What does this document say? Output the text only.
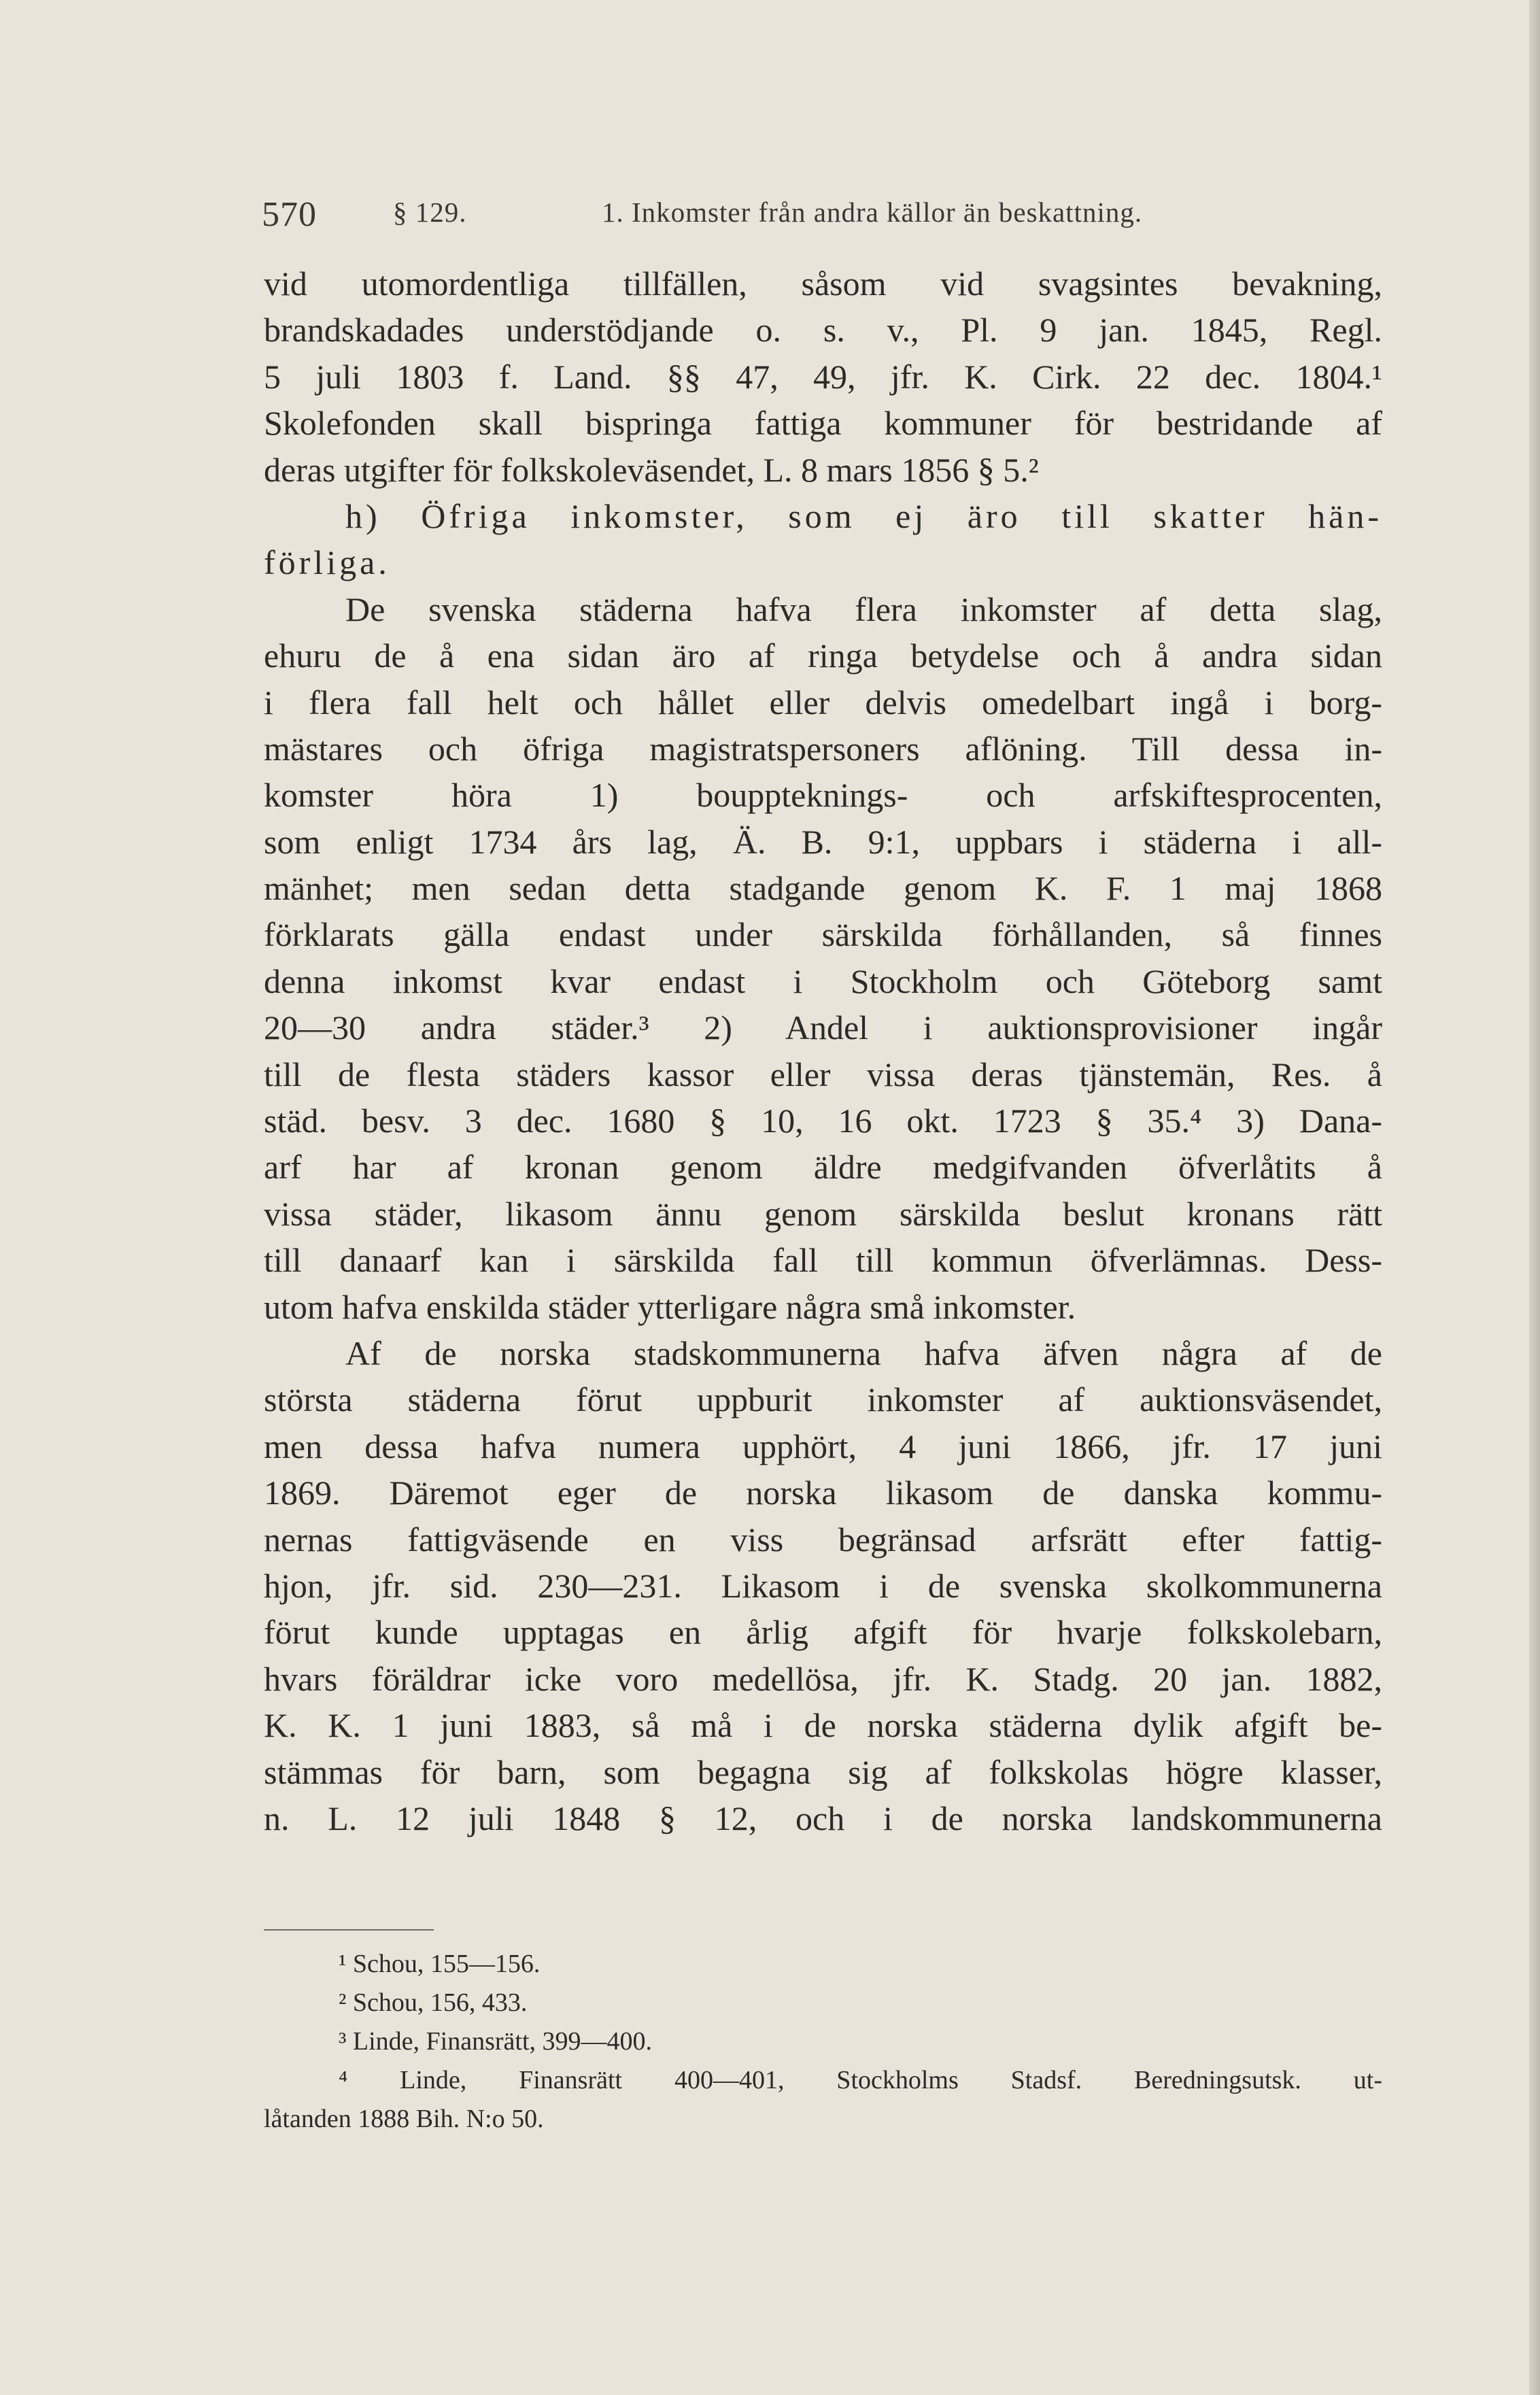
570	§ 129.	1. Inkomster från andra källor än beskattning.
vid utomordentliga tillfällen, såsom vid svagsintes bevakning,
brandskadades understödjande o. s. v., Pl. 9 jan. 1845, Regl.
5 juli 1803 f. Land. §§ 47, 49, jfr. K. Cirk. 22 dec. 1804.¹
Skolefonden skall bispringa fattiga kommuner för bestridande af
deras utgifter för folkskoleväsendet, L. 8 mars 1856 § 5.²
h) Öfriga inkomster, som ej äro till skatter hän-
förliga.
De svenska städerna hafva flera inkomster af detta slag,
ehuru de å ena sidan äro af ringa betydelse och å andra sidan
i flera fall helt och hållet eller delvis omedelbart ingå i borg-
mästares och öfriga magistratspersoners aflöning. Till dessa in-
komster höra 1) bouppteknings- och arfskiftesprocenten,
som enligt 1734 års lag, Ä. B. 9:1, uppbars i städerna i all-
mänhet; men sedan detta stadgande genom K. F. 1 maj 1868
förklarats gälla endast under särskilda förhållanden, så finnes
denna inkomst kvar endast i Stockholm och Göteborg samt
20—30 andra städer.³ 2) Andel i auktionsprovisioner ingår
till de flesta städers kassor eller vissa deras tjänstemän, Res. å
städ. besv. 3 dec. 1680 § 10, 16 okt. 1723 § 35.⁴ 3) Dana-
arf har af kronan genom äldre medgifvanden öfverlåtits å
vissa städer, likasom ännu genom särskilda beslut kronans rätt
till danaarf kan i särskilda fall till kommun öfverlämnas. Dess-
utom hafva enskilda städer ytterligare några små inkomster.
Af de norska stadskommunerna hafva äfven några af de
största städerna förut uppburit inkomster af auktionsväsendet,
men dessa hafva numera upphört, 4 juni 1866, jfr. 17 juni
1869. Däremot eger de norska likasom de danska kommu-
nernas fattigväsende en viss begränsad arfsrätt efter fattig-
hjon, jfr. sid. 230—231. Likasom i de svenska skolkommunerna
förut kunde upptagas en årlig afgift för hvarje folkskolebarn,
hvars föräldrar icke voro medellösa, jfr. K. Stadg. 20 jan. 1882,
K. K. 1 juni 1883, så må i de norska städerna dylik afgift be-
stämmas för barn, som begagna sig af folkskolas högre klasser,
n. L. 12 juli 1848 § 12, och i de norska landskommunerna
¹ Schou, 155—156.
² Schou, 156, 433.
³ Linde, Finansrätt, 399—400.
⁴ Linde, Finansrätt 400—401, Stockholms Stadsf. Beredningsutsk. ut-
låtanden 1888 Bih. N:o 50.
